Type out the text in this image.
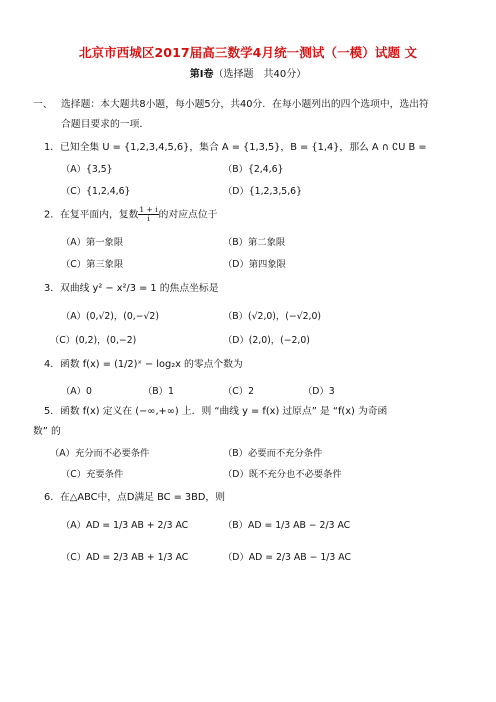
北京市西城区2017届高三数学4月统一测试（一模）试题 文
第Ⅰ卷（选择题　共40分）
一、 选择题：本大题共8小题，每小题5分，共40分．在每小题列出的四个选项中，选出符
合题目要求的一项．
1．已知全集 U = {1,2,3,4,5,6}，集合 A = {1,3,5}，B = {1,4}，那么 A ∩ ∁U B =
（A）{3,5}	（B）{2,4,6}
（C）{1,2,4,6}	（D）{1,2,3,5,6}
2．在复平面内，复数 $\frac{1 + i}{i}$ 的对应点位于
（A）第一象限	（B）第二象限
（C）第三象限	（D）第四象限
3．双曲线 y² − x²/3 = 1 的焦点坐标是
（A）(0,√2)，(0,−√2)	（B）(√2,0)，(−√2,0)
（C）(0,2)，(0,−2)	（D）(2,0)，(−2,0)
4．函数 f(x) = (1/2)ˣ − log₂x 的零点个数为
（A）0	（B）1	（C）2	（D）3
5．函数 f(x) 定义在 (−∞,+∞) 上．则 “曲线 y = f(x) 过原点” 是 “f(x) 为奇函
数” 的
（A）充分而不必要条件	（B）必要而不充分条件
（C）充要条件	（D）既不充分也不必要条件
6．在△ABC中，点D满足 BC = 3BD，则
（A）AD = 1/3 AB + 2/3 AC	（B）AD = 1/3 AB − 2/3 AC
（C）AD = 2/3 AB + 1/3 AC	（D）AD = 2/3 AB − 1/3 AC
